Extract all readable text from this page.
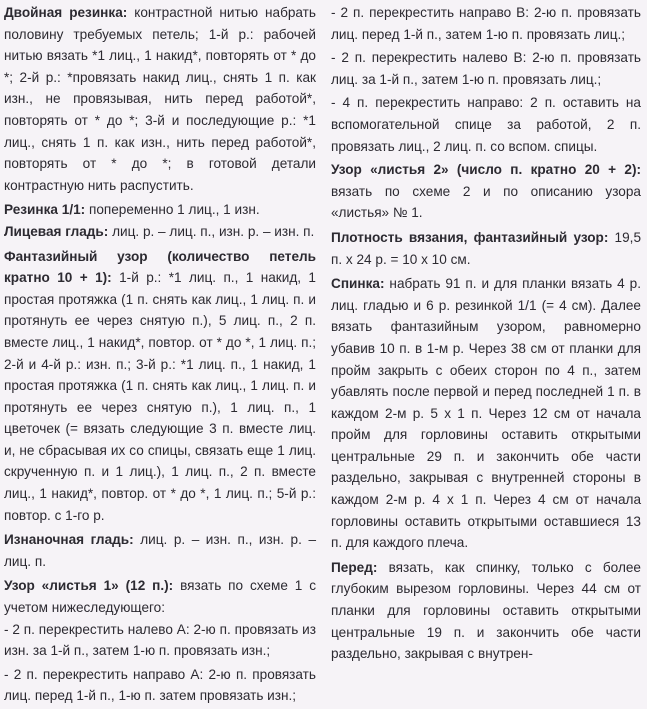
Двойная резинка: контрастной нитью набрать половину требуемых петель; 1-й р.: рабочей нитью вязать *1 лиц., 1 накид*, повторять от * до *; 2-й р.: *провязать накид лиц., снять 1 п. как изн., не провязывая, нить перед работой*, повторять от * до *; 3-й и последующие р.: *1 лиц., снять 1 п. как изн., нить перед работой*, повторять от * до *; в готовой детали контрастную нить распустить.

Резинка 1/1: попеременно 1 лиц., 1 изн.

Лицевая гладь: лиц. р. – лиц. п., изн. р. – изн. п.

Фантазийный узор (количество петель кратно 10 + 1): 1-й р.: *1 лиц. п., 1 накид, 1 простая протяжка (1 п. снять как лиц., 1 лиц. п. и протянуть ее через снятую п.), 5 лиц. п., 2 п. вместе лиц., 1 накид*, повтор. от * до *, 1 лиц. п.; 2-й и 4-й р.: изн. п.; 3-й р.: *1 лиц. п., 1 накид, 1 простая протяжка (1 п. снять как лиц., 1 лиц. п. и протянуть ее через снятую п.), 1 лиц. п., 1 цветочек (= вязать следующие 3 п. вместе лиц. и, не сбрасывая их со спицы, связать еще 1 лиц. скрученную п. и 1 лиц.), 1 лиц. п., 2 п. вместе лиц., 1 накид*, повтор. от * до *, 1 лиц. п.; 5-й р.: повтор. с 1-го р.

Изнаночная гладь: лиц. р. – изн. п., изн. р. – лиц. п.

Узор «листья 1» (12 п.): вязать по схеме 1 с учетом нижеследующего:

- 2 п. перекрестить налево А: 2-ю п. провязать из изн. за 1-й п., затем 1-ю п. провязать изн.;

- 2 п. перекрестить направо А: 2-ю п. провязать лиц. перед 1-й п., 1-ю п. затем провязать изн.;

- 2 п. перекрестить направо В: 2-ю п. провязать лиц. перед 1-й п., затем 1-ю п. провязать лиц.;

- 2 п. перекрестить налево В: 2-ю п. провязать лиц. за 1-й п., затем 1-ю п. провязать лиц.;

- 4 п. перекрестить направо: 2 п. оставить на вспомогательной спице за работой, 2 п. провязать лиц., 2 лиц. п. со вспом. спицы.

Узор «листья 2» (число п. кратно 20 + 2): вязать по схеме 2 и по описанию узора «листья» № 1.

Плотность вязания, фантазийный узор: 19,5 п. x 24 р. = 10 x 10 см.

Спинка: набрать 91 п. и для планки вязать 4 р. лиц. гладью и 6 р. резинкой 1/1 (= 4 см). Далее вязать фантазийным узором, равномерно убавив 10 п. в 1-м р. Через 38 см от планки для пройм закрыть с обеих сторон по 4 п., затем убавлять после первой и перед последней 1 п. в каждом 2-м р. 5 x 1 п. Через 12 см от начала пройм для горловины оставить открытыми центральные 29 п. и закончить обе части раздельно, закрывая с внутренней стороны в каждом 2-м р. 4 x 1 п. Через 4 см от начала горловины оставить открытыми оставшиеся 13 п. для каждого плеча.

Перед: вязать, как спинку, только с более глубоким вырезом горловины. Через 44 см от планки для горловины оставить открытыми центральные 19 п. и закончить обе части раздельно, закрывая с внутрен-
